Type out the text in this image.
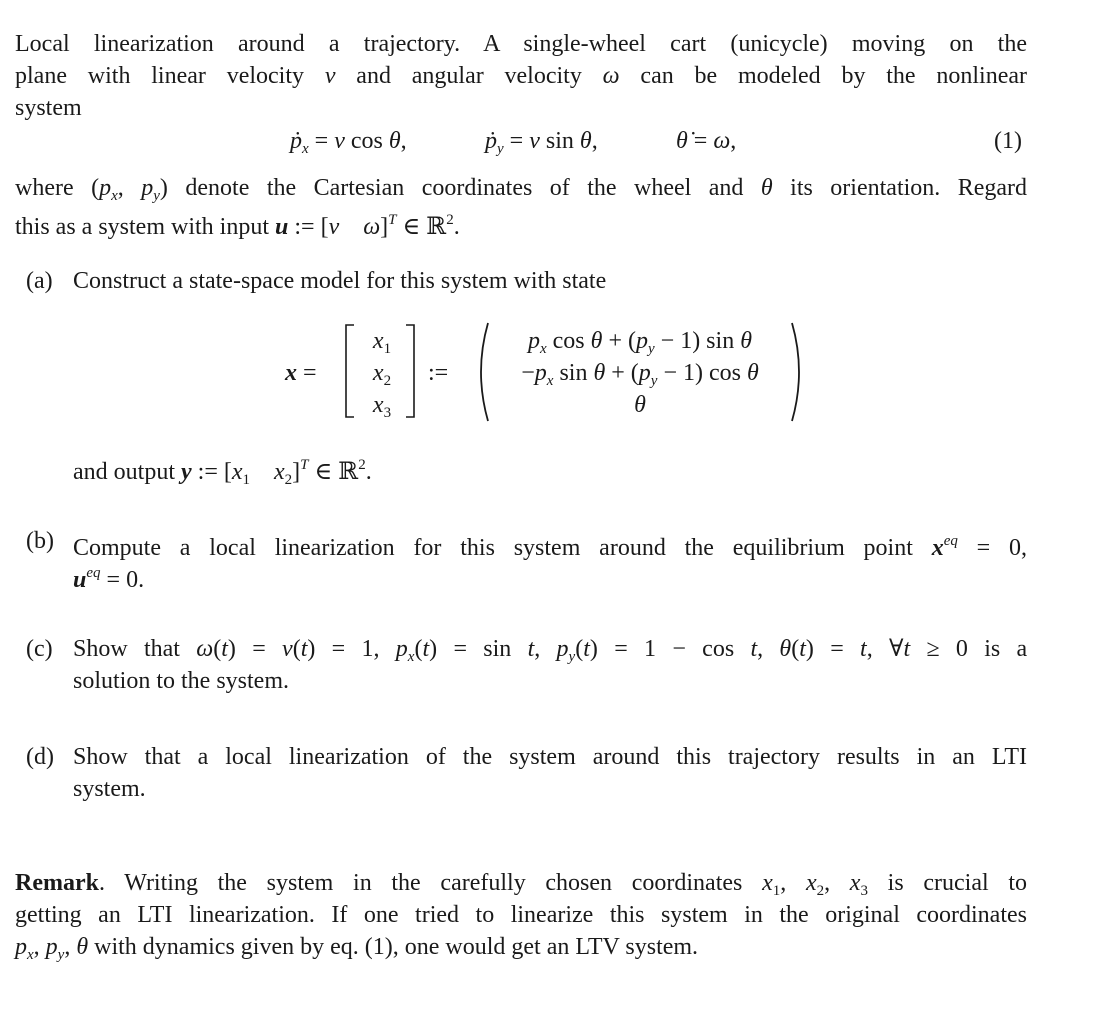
Local linearization around a trajectory. A single-wheel cart (unicycle) moving on the
plane with linear velocity v and angular velocity ω can be modeled by the nonlinear
system
ṗ$_x$ = v cos θ,	ṗ$_y$ = v sin θ,	θ̇ = ω,	(1)
where ($p_x$, $p_y$) denote the Cartesian coordinates of the wheel and θ its orientation. Regard
this as a system with input u := [v ω]$^T$ ∈ ℝ$^2$.
(a) Construct a state-space model for this system with state
x =
$x_1$
$x_2$
$x_3$
:=
$p_x$ $\cos \theta + (p_y - 1)$ sin θ
$-p_x$ $\sin \theta + (p_y - 1)$ cos θ
θ
and output y := [$x_1$ $x_2]^T$ ∈ ℝ$^2$.
(b) Compute a local linearization for this system around the equilibrium point $x^{eq} = 0$,
$u^{eq} = 0$.
(c) Show that ω(t) = v(t) = 1, $p_x(t) = \sin t$, $p_y(t) = 1 - \cos t$, θ(t) = t, ∀t ≥ 0 is a
solution to the system.
(d) Show that a local linearization of the system around this trajectory results in an LTI
system.
Remark. Writing the system in the carefully chosen coordinates $x_1$, $x_2$, $x_3$ is crucial to
getting an LTI linearization. If one tried to linearize this system in the original coordinates
$p_x$, $p_y$, θ with dynamics given by eq. (1), one would get an LTV system.
